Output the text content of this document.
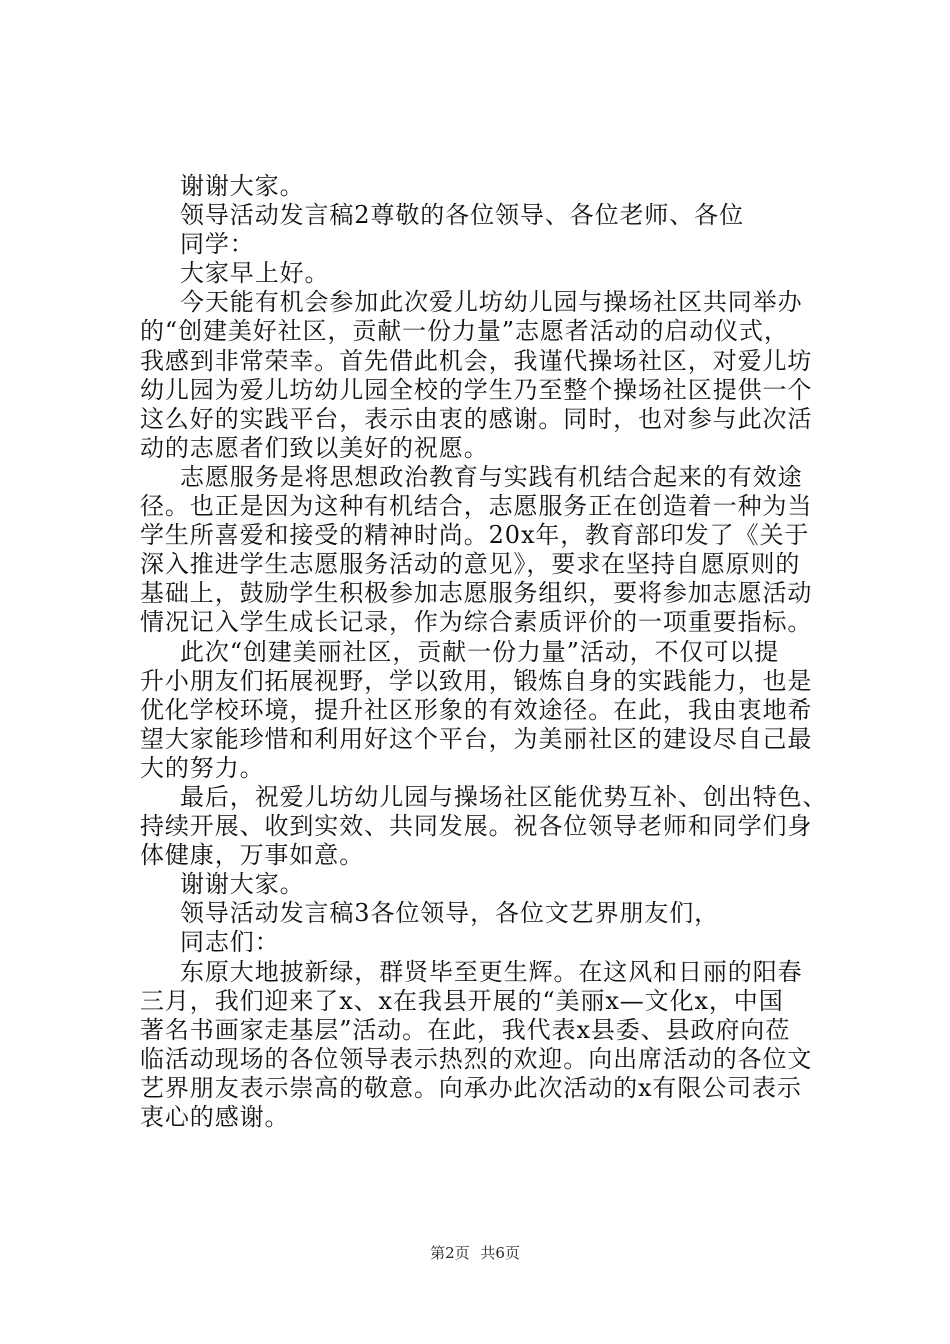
谢谢大家。
领导活动发言稿2尊敬的各位领导、各位老师、各位
同学：
大家早上好。
今天能有机会参加此次爱儿坊幼儿园与操场社区共同举办
的“创建美好社区，贡献一份力量”志愿者活动的启动仪式，
我感到非常荣幸。首先借此机会，我谨代操场社区，对爱儿坊
幼儿园为爱儿坊幼儿园全校的学生乃至整个操场社区提供一个
这么好的实践平台，表示由衷的感谢。同时，也对参与此次活
动的志愿者们致以美好的祝愿。
志愿服务是将思想政治教育与实践有机结合起来的有效途
径。也正是因为这种有机结合，志愿服务正在创造着一种为当
学生所喜爱和接受的精神时尚。20x年，教育部印发了《关于
深入推进学生志愿服务活动的意见》，要求在坚持自愿原则的
基础上，鼓励学生积极参加志愿服务组织，要将参加志愿活动
情况记入学生成长记录，作为综合素质评价的一项重要指标。
此次“创建美丽社区，贡献一份力量”活动，不仅可以提
升小朋友们拓展视野，学以致用，锻炼自身的实践能力，也是
优化学校环境，提升社区形象的有效途径。在此，我由衷地希
望大家能珍惜和利用好这个平台，为美丽社区的建设尽自己最
大的努力。
最后，祝爱儿坊幼儿园与操场社区能优势互补、创出特色、
持续开展、收到实效、共同发展。祝各位领导老师和同学们身
体健康，万事如意。
谢谢大家。
领导活动发言稿3各位领导，各位文艺界朋友们，
同志们：
东原大地披新绿，群贤毕至更生辉。在这风和日丽的阳春
三月，我们迎来了x、x在我县开展的“美丽x—文化x，中国
著名书画家走基层”活动。在此，我代表x县委、县政府向莅
临活动现场的各位领导表示热烈的欢迎。向出席活动的各位文
艺界朋友表示崇高的敬意。向承办此次活动的x有限公司表示
衷心的感谢。
第2页 共6页
